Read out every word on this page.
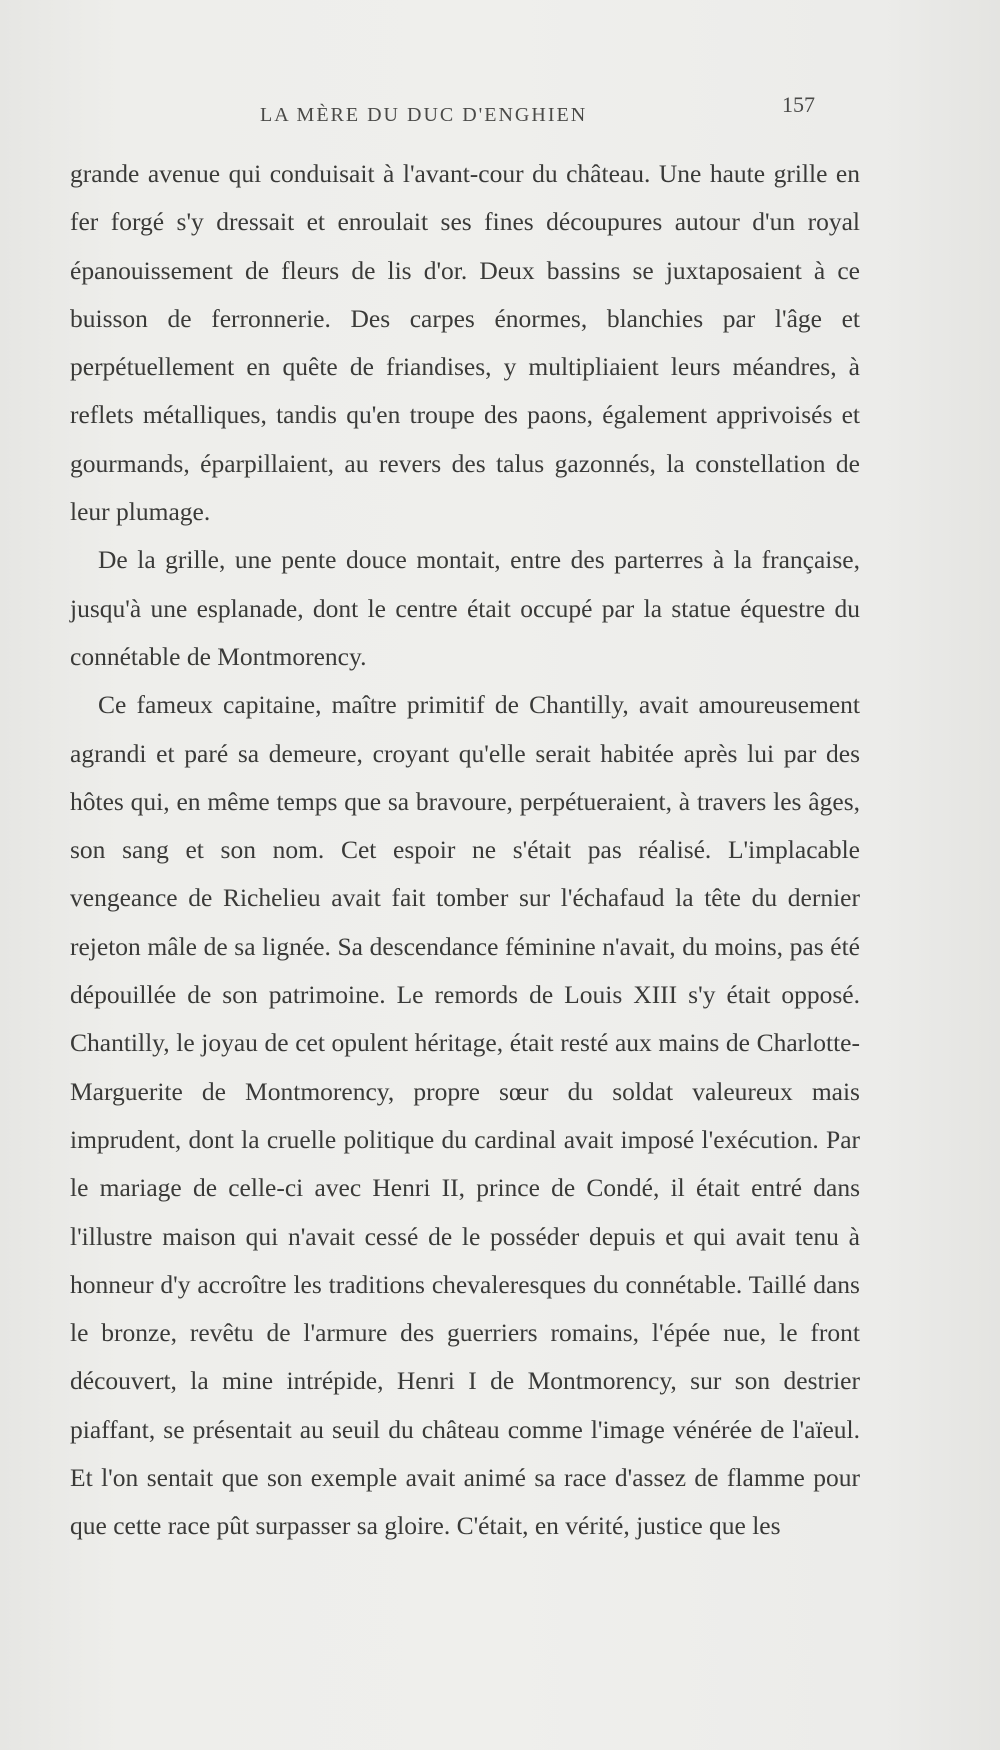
LA MÈRE DU DUC D'ENGHIEN	157

grande avenue qui conduisait à l'avant-cour du château. Une haute grille en fer forgé s'y dressait et enroulait ses fines découpures autour d'un royal épanouissement de fleurs de lis d'or. Deux bassins se juxtaposaient à ce buisson de ferronnerie. Des carpes énormes, blanchies par l'âge et perpétuellement en quête de friandises, y multipliaient leurs méandres, à reflets métalliques, tandis qu'en troupe des paons, également apprivoisés et gourmands, éparpillaient, au revers des talus gazonnés, la constellation de leur plumage.

De la grille, une pente douce montait, entre des parterres à la française, jusqu'à une esplanade, dont le centre était occupé par la statue équestre du connétable de Montmorency.

Ce fameux capitaine, maître primitif de Chantilly, avait amoureusement agrandi et paré sa demeure, croyant qu'elle serait habitée après lui par des hôtes qui, en même temps que sa bravoure, perpétueraient, à travers les âges, son sang et son nom. Cet espoir ne s'était pas réalisé. L'implacable vengeance de Richelieu avait fait tomber sur l'échafaud la tête du dernier rejeton mâle de sa lignée. Sa descendance féminine n'avait, du moins, pas été dépouillée de son patrimoine. Le remords de Louis XIII s'y était opposé. Chantilly, le joyau de cet opulent héritage, était resté aux mains de Charlotte-Marguerite de Montmorency, propre sœur du soldat valeureux mais imprudent, dont la cruelle politique du cardinal avait imposé l'exécution. Par le mariage de celle-ci avec Henri II, prince de Condé, il était entré dans l'illustre maison qui n'avait cessé de le posséder depuis et qui avait tenu à honneur d'y accroître les traditions chevaleresques du connétable. Taillé dans le bronze, revêtu de l'armure des guerriers romains, l'épée nue, le front découvert, la mine intrépide, Henri I de Montmorency, sur son destrier piaffant, se présentait au seuil du château comme l'image vénérée de l'aïeul. Et l'on sentait que son exemple avait animé sa race d'assez de flamme pour que cette race pût surpasser sa gloire. C'était, en vérité, justice que les
